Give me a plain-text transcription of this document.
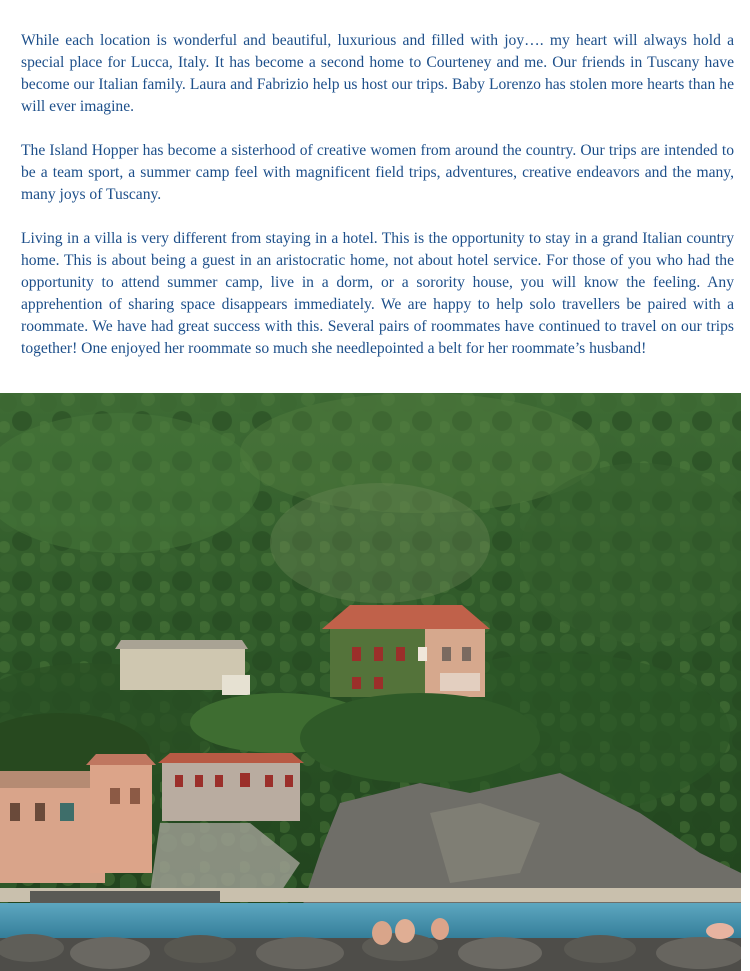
While each location is wonderful and beautiful, luxurious and filled with joy…. my heart will always hold a special place for Lucca, Italy. It has become a second home to Courteney and me. Our friends in Tuscany have become our Italian family. Laura and Fabrizio help us host our trips. Baby Lorenzo has stolen more hearts than he will ever imagine.

The Island Hopper has become a sisterhood of creative women from around the country. Our trips are intended to be a team sport, a summer camp feel with magnificent field trips, adventures, creative endeavors and the many, many joys of Tuscany.

Living in a villa is very different from staying in a hotel. This is the opportunity to stay in a grand Italian country home. This is about being a guest in an aristocratic home, not about hotel service. For those of you who had the opportunity to attend summer camp, live in a dorm, or a sorority house, you will know the feeling. Any apprehention of sharing space disappears immediately. We are happy to help solo travellers be paired with a roommate. We have had great success with this. Several pairs of roommates have continued to travel on our trips together! One enjoyed her roommate so much she needlepointed a belt for her roommate’s husband!
